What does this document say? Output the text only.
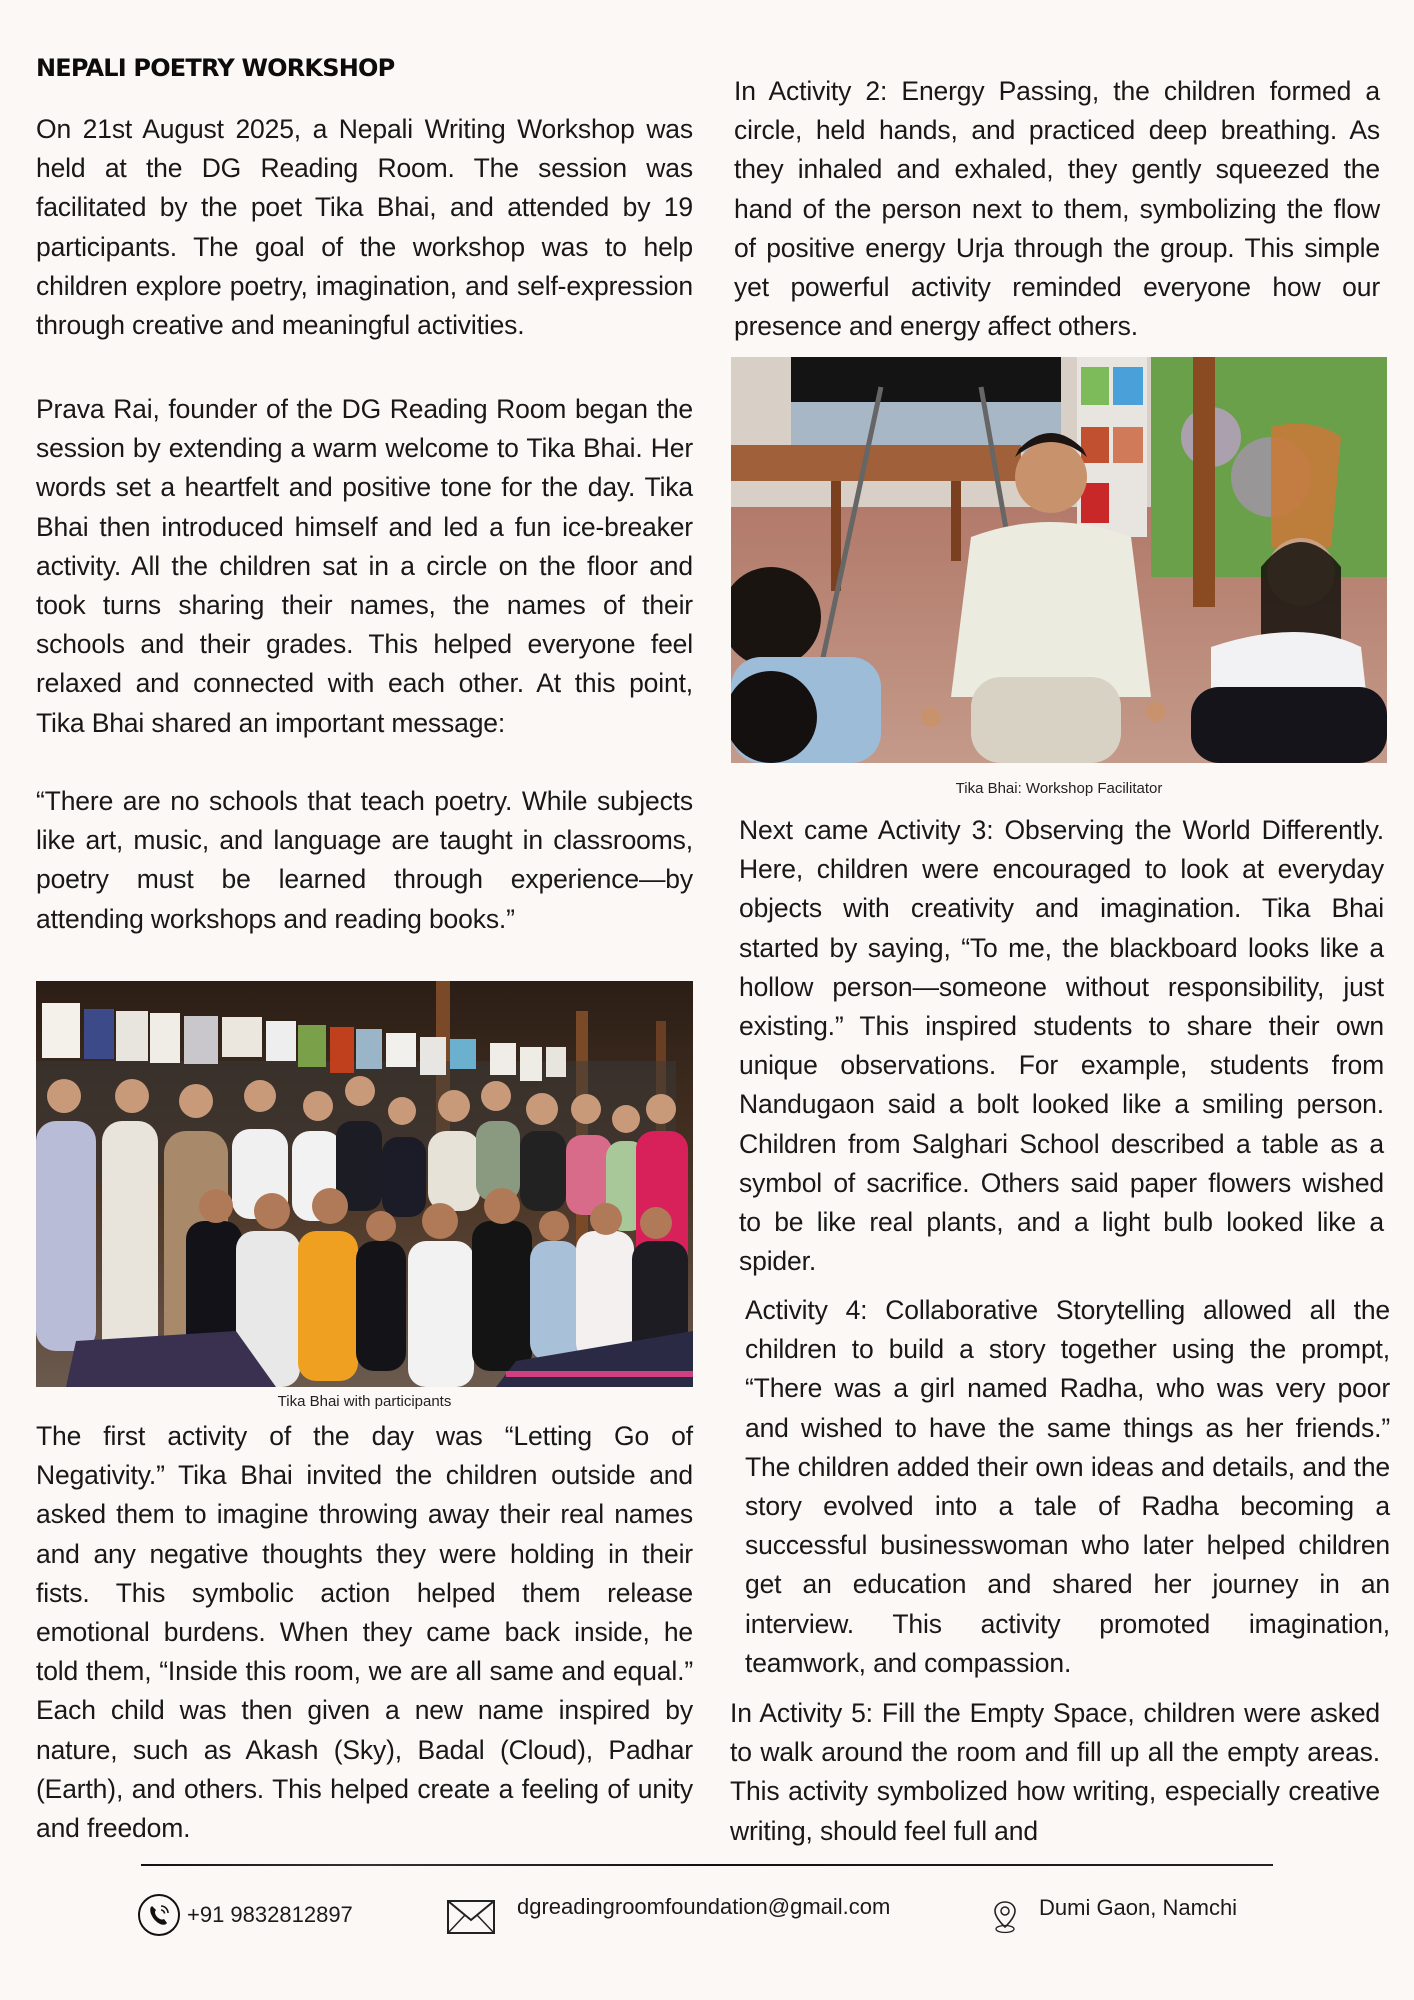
NEPALI POETRY WORKSHOP

On 21st August 2025, a Nepali Writing Workshop was held at the DG Reading Room. The session was facilitated by the poet Tika Bhai, and attended by 19 participants. The goal of the workshop was to help children explore poetry, imagination, and self-expression through creative and meaningful activities.

Prava Rai, founder of the DG Reading Room began the session by extending a warm welcome to Tika Bhai. Her words set a heartfelt and positive tone for the day. Tika Bhai then introduced himself and led a fun ice-breaker activity. All the children sat in a circle on the floor and took turns sharing their names, the names of their schools and their grades. This helped everyone feel relaxed and connected with each other. At this point, Tika Bhai shared an important message:

“There are no schools that teach poetry. While subjects like art, music, and language are taught in classrooms, poetry must be learned through experience—by attending workshops and reading books.”

Tika Bhai with participants

The first activity of the day was “Letting Go of Negativity.” Tika Bhai invited the children outside and asked them to imagine throwing away their real names and any negative thoughts they were holding in their fists. This symbolic action helped them release emotional burdens. When they came back inside, he told them, “Inside this room, we are all same and equal.” Each child was then given a new name inspired by nature, such as Akash (Sky), Badal (Cloud), Padhar (Earth), and others. This helped create a feeling of unity and freedom.

In Activity 2: Energy Passing, the children formed a circle, held hands, and practiced deep breathing. As they inhaled and exhaled, they gently squeezed the hand of the person next to them, symbolizing the flow of positive energy Urja through the group. This simple yet powerful activity reminded everyone how our presence and energy affect others.

Tika Bhai: Workshop Facilitator

Next came Activity 3: Observing the World Differently. Here, children were encouraged to look at everyday objects with creativity and imagination. Tika Bhai started by saying, “To me, the blackboard looks like a hollow person—someone without responsibility, just existing.” This inspired students to share their own unique observations. For example, students from Nandugaon said a bolt looked like a smiling person. Children from Salghari School described a table as a symbol of sacrifice. Others said paper flowers wished to be like real plants, and a light bulb looked like a spider.

Activity 4: Collaborative Storytelling allowed all the children to build a story together using the prompt, “There was a girl named Radha, who was very poor and wished to have the same things as her friends.” The children added their own ideas and details, and the story evolved into a tale of Radha becoming a successful businesswoman who later helped children get an education and shared her journey in an interview. This activity promoted imagination, teamwork, and compassion.

In Activity 5: Fill the Empty Space, children were asked to walk around the room and fill up all the empty areas. This activity symbolized how writing, especially creative writing, should feel full and

+91 9832812897	dgreadingroomfoundation@gmail.com	Dumi Gaon, Namchi
